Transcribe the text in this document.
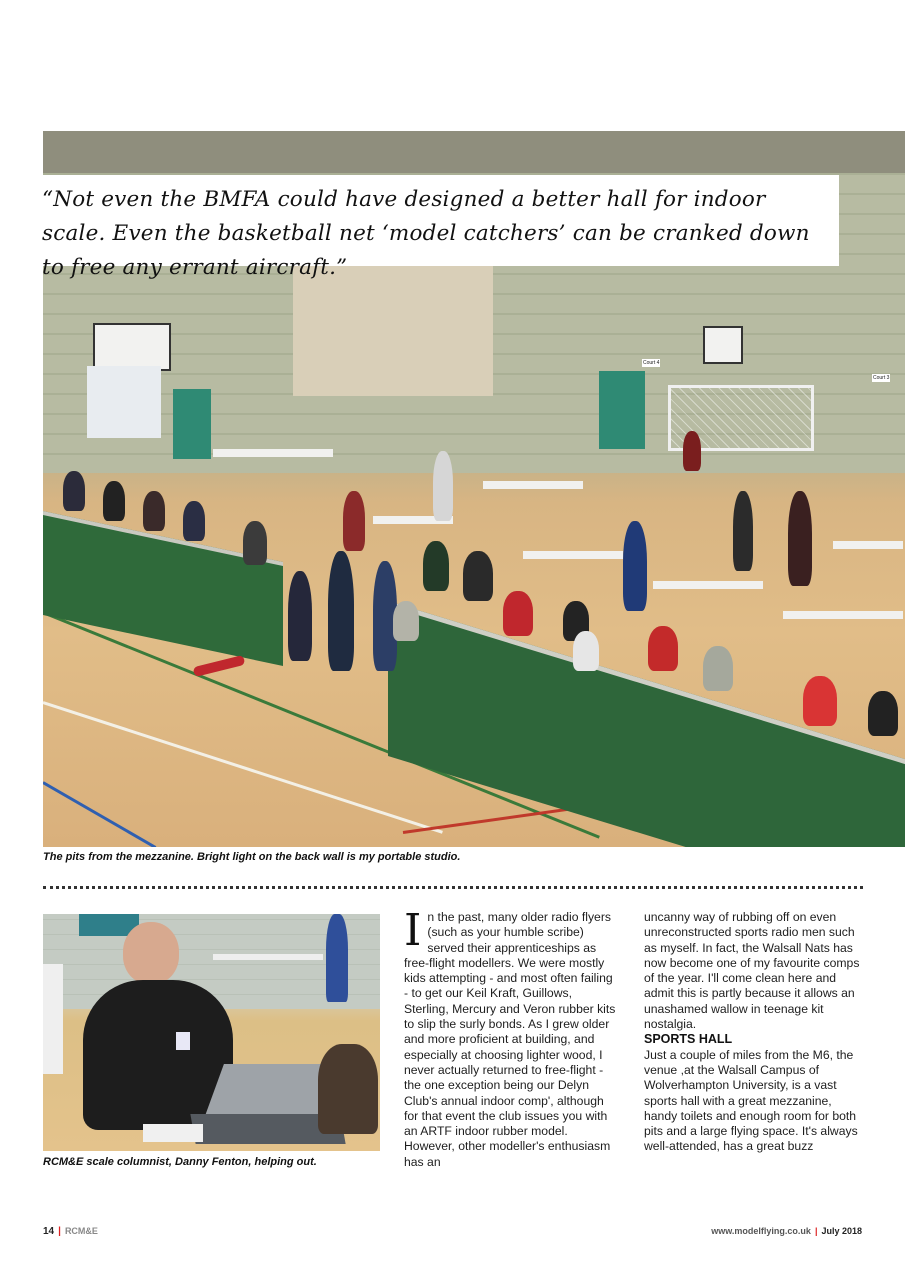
Court 4
Court 3
“Not even the BMFA could have designed a better hall for indoor scale. Even the basketball net ‘model catchers’ can be cranked down to free any errant aircraft.”
The pits from the mezzanine. Bright light on the back wall is my portable studio.
RCM&E scale columnist, Danny Fenton, helping out.

In the past, many older radio flyers (such as your humble scribe) served their apprenticeships as free-flight modellers. We were mostly kids attempting - and most often failing - to get our Keil Kraft, Guillows, Sterling, Mercury and Veron rubber kits to slip the surly bonds. As I grew older and more proficient at building, and especially at choosing lighter wood, I never actually returned to free-flight - the one exception being our Delyn Club's annual indoor comp', although for that event the club issues you with an ARTF indoor rubber model. However, other modeller's enthusiasm has an

uncanny way of rubbing off on even unreconstructed sports radio men such as myself. In fact, the Walsall Nats has now become one of my favourite comps of the year. I'll come clean here and admit this is partly because it allows an unashamed wallow in teenage kit nostalgia.

SPORTS HALL

Just a couple of miles from the M6, the venue ,at the Walsall Campus of Wolverhampton University, is a vast sports hall with a great mezzanine, handy toilets and enough room for both pits and a large flying space. It's always well-attended, has a great buzz

14 | RCM&E	www.modelflying.co.uk | July 2018
